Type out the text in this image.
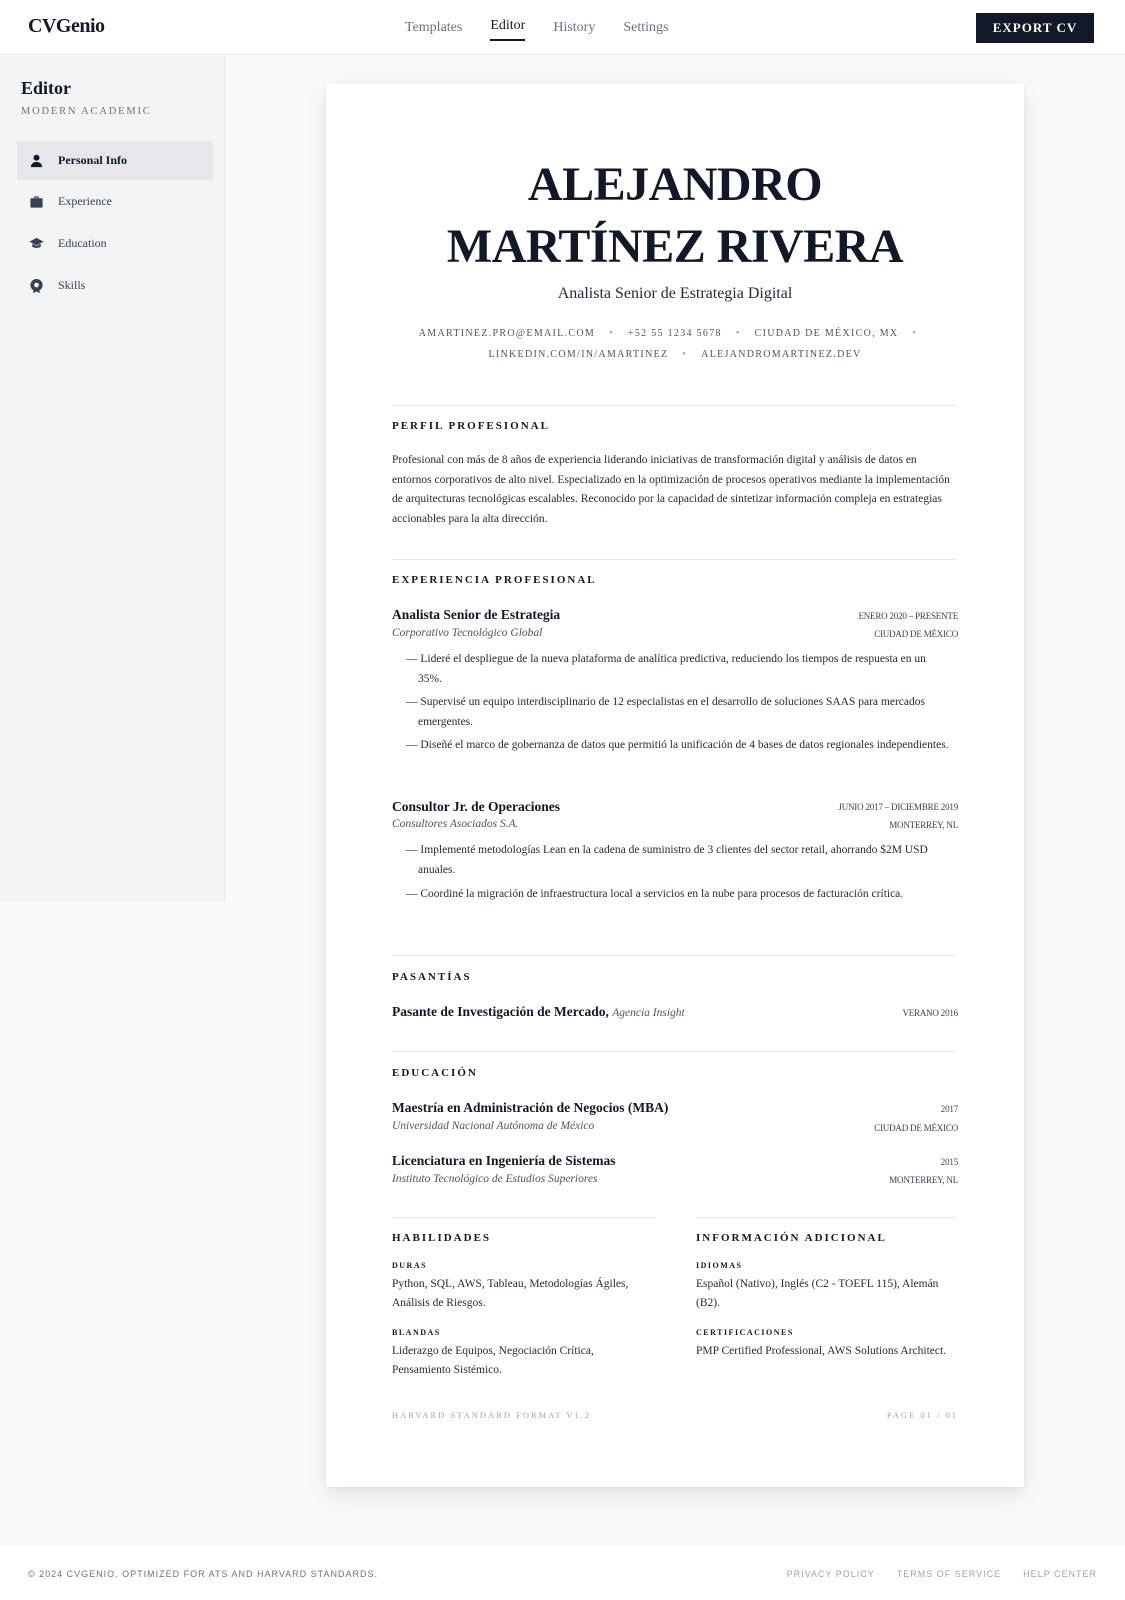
CVGenio	Templates Editor History Settings	EXPORT CV
Editor
MODERN ACADEMIC
Personal Info
Experience
Education
Skills
ALEJANDRO
MARTÍNEZ RIVERA
Analista Senior de Estrategia Digital
AMARTINEZ.PRO@EMAIL.COM • +52 55 1234 5678 • CIUDAD DE MÉXICO, MX •
LINKEDIN.COM/IN/AMARTINEZ • ALEJANDROMARTINEZ.DEV
PERFIL PROFESIONAL
Profesional con más de 8 años de experiencia liderando iniciativas de transformación digital y análisis de datos en entornos corporativos de alto nivel. Especializado en la optimización de procesos operativos mediante la implementación de arquitecturas tecnológicas escalables. Reconocido por la capacidad de sintetizar información compleja en estrategias accionables para la alta dirección.
EXPERIENCIA PROFESIONAL
Analista Senior de Estrategia	ENERO 2020 – PRESENTE
Corporativo Tecnológico Global	CIUDAD DE MÉXICO
— Lideré el despliegue de la nueva plataforma de analítica predictiva, reduciendo los tiempos de respuesta en un 35%.
— Supervisé un equipo interdisciplinario de 12 especialistas en el desarrollo de soluciones SAAS para mercados emergentes.
— Diseñé el marco de gobernanza de datos que permitió la unificación de 4 bases de datos regionales independientes.
Consultor Jr. de Operaciones	JUNIO 2017 – DICIEMBRE 2019
Consultores Asociados S.A.	MONTERREY, NL
— Implementé metodologías Lean en la cadena de suministro de 3 clientes del sector retail, ahorrando $2M USD anuales.
— Coordiné la migración de infraestructura local a servicios en la nube para procesos de facturación crítica.
PASANTÍAS
Pasante de Investigación de Mercado, Agencia Insight	VERANO 2016
EDUCACIÓN
Maestría en Administración de Negocios (MBA)	2017
Universidad Nacional Autónoma de México	CIUDAD DE MÉXICO
Licenciatura en Ingeniería de Sistemas	2015
Instituto Tecnológico de Estudios Superiores	MONTERREY, NL
HABILIDADES
DURAS
Python, SQL, AWS, Tableau, Metodologías Ágiles, Análisis de Riesgos.
BLANDAS
Liderazgo de Equipos, Negociación Crítica, Pensamiento Sistémico.
INFORMACIÓN ADICIONAL
IDIOMAS
Español (Nativo), Inglés (C2 - TOEFL 115), Alemán (B2).
CERTIFICACIONES
PMP Certified Professional, AWS Solutions Architect.
HARVARD STANDARD FORMAT V1.2	PAGE 01 / 01
© 2024 CVGENIO. OPTIMIZED FOR ATS AND HARVARD STANDARDS.	PRIVACY POLICY TERMS OF SERVICE HELP CENTER
